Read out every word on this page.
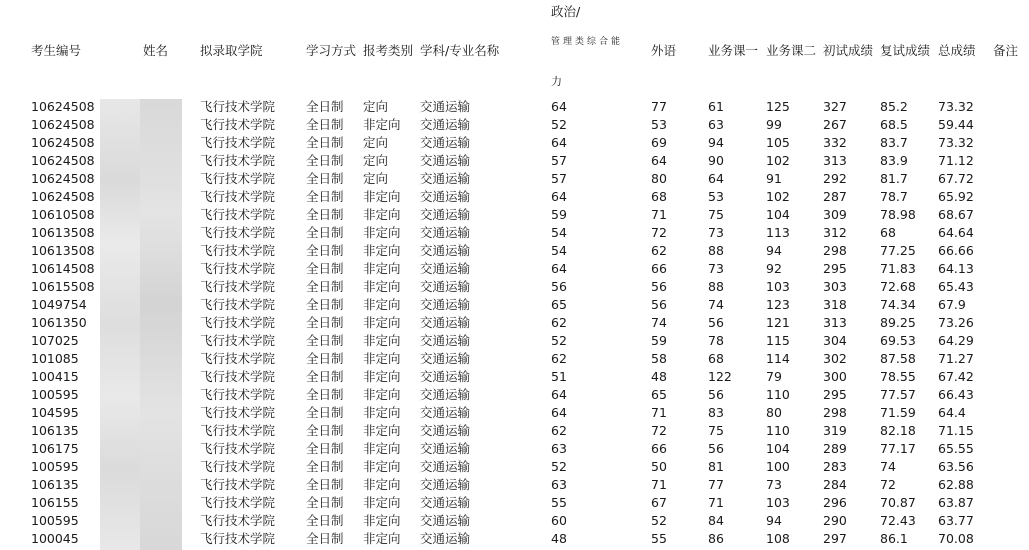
考生编号	姓名	拟录取学院	学习方式 报考类别 学科/专业名称
政治/
管理类综合能
力
外语	业务课一 业务课二 初试成绩 复试成绩 总成绩 备注
10624508	飞行技术学院 全日制 定向	交通运输	64	77	61	125	327	85.2 73.32
10624508	飞行技术学院 全日制 非定向 交通运输	52	53	63	99	267	68.5 59.44
10624508	飞行技术学院 全日制 定向	交通运输	64	69	94	105	332	83.7 73.32
10624508	飞行技术学院 全日制 定向	交通运输	57	64	90	102	313	83.9 71.12
10624508	飞行技术学院 全日制 定向	交通运输	57	80	64	91	292	81.7 67.72
10624508	飞行技术学院 全日制 非定向 交通运输	64	68	53	102	287	78.7 65.92
10610508	飞行技术学院 全日制 非定向 交通运输	59	71	75	104	309	78.98 68.67
10613508	飞行技术学院 全日制 非定向 交通运输	54	72	73	113	312	68	64.64
10613508	飞行技术学院 全日制 非定向 交通运输	54	62	88	94	298	77.25 66.66
10614508	飞行技术学院 全日制 非定向 交通运输	64	66	73	92	295	71.83 64.13
10615508	飞行技术学院 全日制 非定向 交通运输	56	56	88	103	303	72.68 65.43
1049754	飞行技术学院 全日制 非定向 交通运输	65	56	74	123	318	74.34 67.9
1061350	飞行技术学院 全日制 非定向 交通运输	62	74	56	121	313	89.25 73.26
107025	飞行技术学院 全日制 非定向 交通运输	52	59	78	115	304	69.53 64.29
101085	飞行技术学院 全日制 非定向 交通运输	62	58	68	114	302	87.58 71.27
100415	飞行技术学院 全日制 非定向 交通运输	51	48	122	79	300	78.55 67.42
100595	飞行技术学院 全日制 非定向 交通运输	64	65	56	110	295	77.57 66.43
104595	飞行技术学院 全日制 非定向 交通运输	64	71	83	80	298	71.59 64.4
106135	飞行技术学院 全日制 非定向 交通运输	62	72	75	110	319	82.18 71.15
106175	飞行技术学院 全日制 非定向 交通运输	63	66	56	104	289	77.17 65.55
100595	飞行技术学院 全日制 非定向 交通运输	52	50	81	100	283	74	63.56
106135	飞行技术学院 全日制 非定向 交通运输	63	71	77	73	284	72	62.88
106155	飞行技术学院 全日制 非定向 交通运输	55	67	71	103	296	70.87 63.87
100595	飞行技术学院 全日制 非定向 交通运输	60	52	84	94	290	72.43 63.77
100045	飞行技术学院 全日制 非定向 交通运输	48	55	86	108	297	86.1 70.08
